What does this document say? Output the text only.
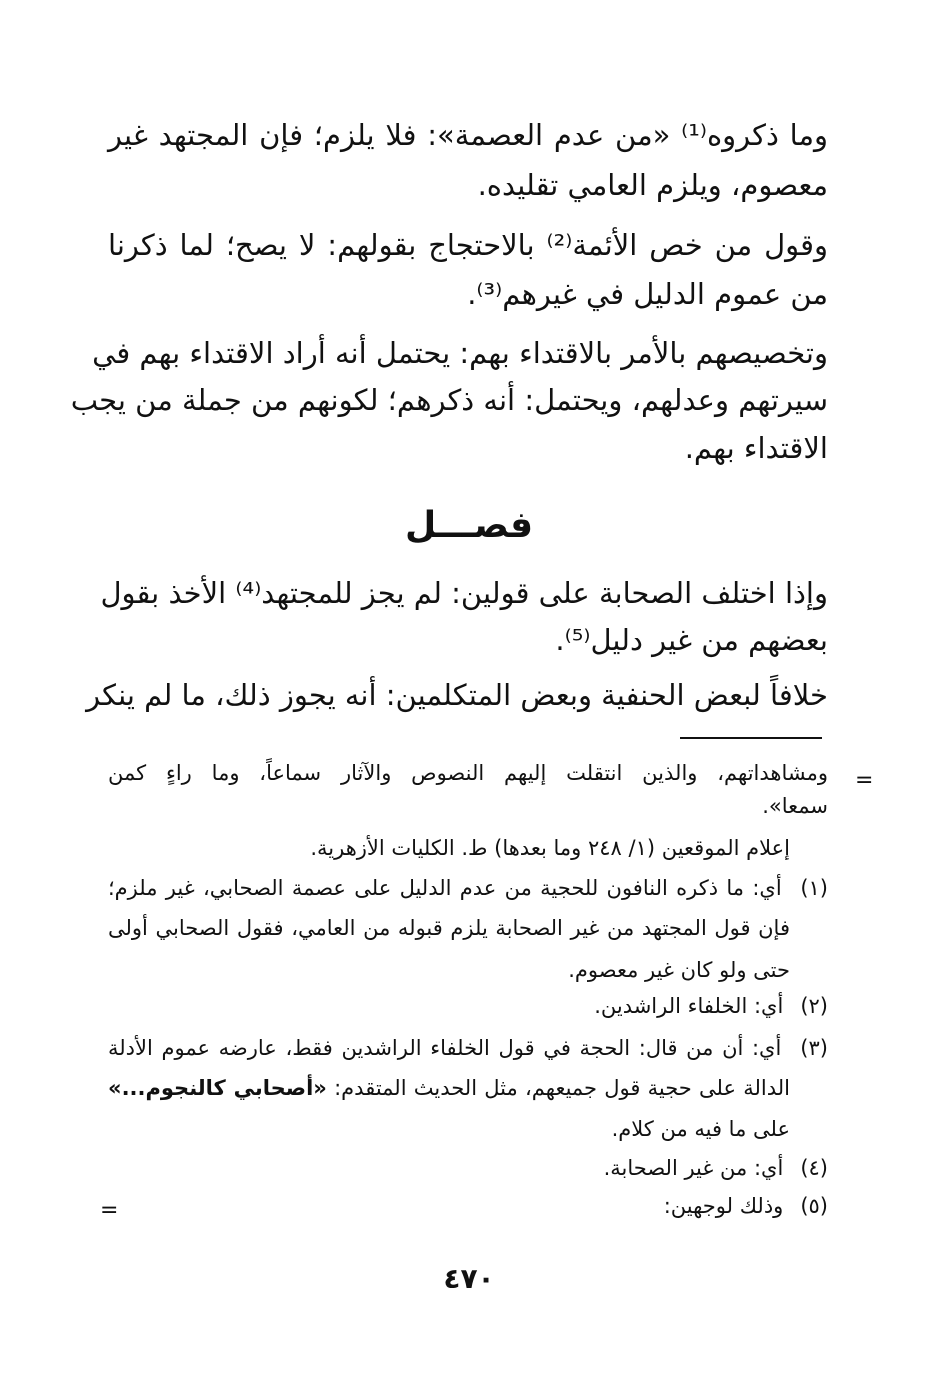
وما ذكروه⁽¹⁾ «من عدم العصمة»: فلا يلزم؛ فإن المجتهد غير
معصوم، ويلزم العامي تقليده.
وقول من خص الأئمة⁽²⁾ بالاحتجاج بقولهم: لا يصح؛ لما ذكرنا
من عموم الدليل في غيرهم⁽³⁾.
وتخصيصهم بالأمر بالاقتداء بهم: يحتمل أنه أراد الاقتداء بهم في
سيرتهم وعدلهم، ويحتمل: أنه ذكرهم؛ لكونهم من جملة من يجب
الاقتداء بهم.
فصـــل
وإذا اختلف الصحابة على قولين: لم يجز للمجتهد⁽⁴⁾ الأخذ بقول
بعضهم من غير دليل⁽⁵⁾.
خلافاً لبعض الحنفية وبعض المتكلمين: أنه يجوز ذلك، ما لم ينكر
=
=
ومشاهداتهم، والذين انتقلت إليهم النصوص والآثار سماعاً، وما راءٍ كمن
سمعا».
إعلام الموقعين (١/ ٢٤٨ وما بعدها) ط. الكليات الأزهرية.
(١) أي: ما ذكره النافون للحجية من عدم الدليل على عصمة الصحابي، غير ملزم؛
فإن قول المجتهد من غير الصحابة يلزم قبوله من العامي، فقول الصحابي أولى
حتى ولو كان غير معصوم.
(٢) أي: الخلفاء الراشدين.
(٣) أي: أن من قال: الحجة في قول الخلفاء الراشدين فقط، عارضه عموم الأدلة
الدالة على حجية قول جميعهم، مثل الحديث المتقدم: «أصحابي كالنجوم...»
على ما فيه من كلام.
(٤) أي: من غير الصحابة.
(٥) وذلك لوجهين:
٤٧٠
